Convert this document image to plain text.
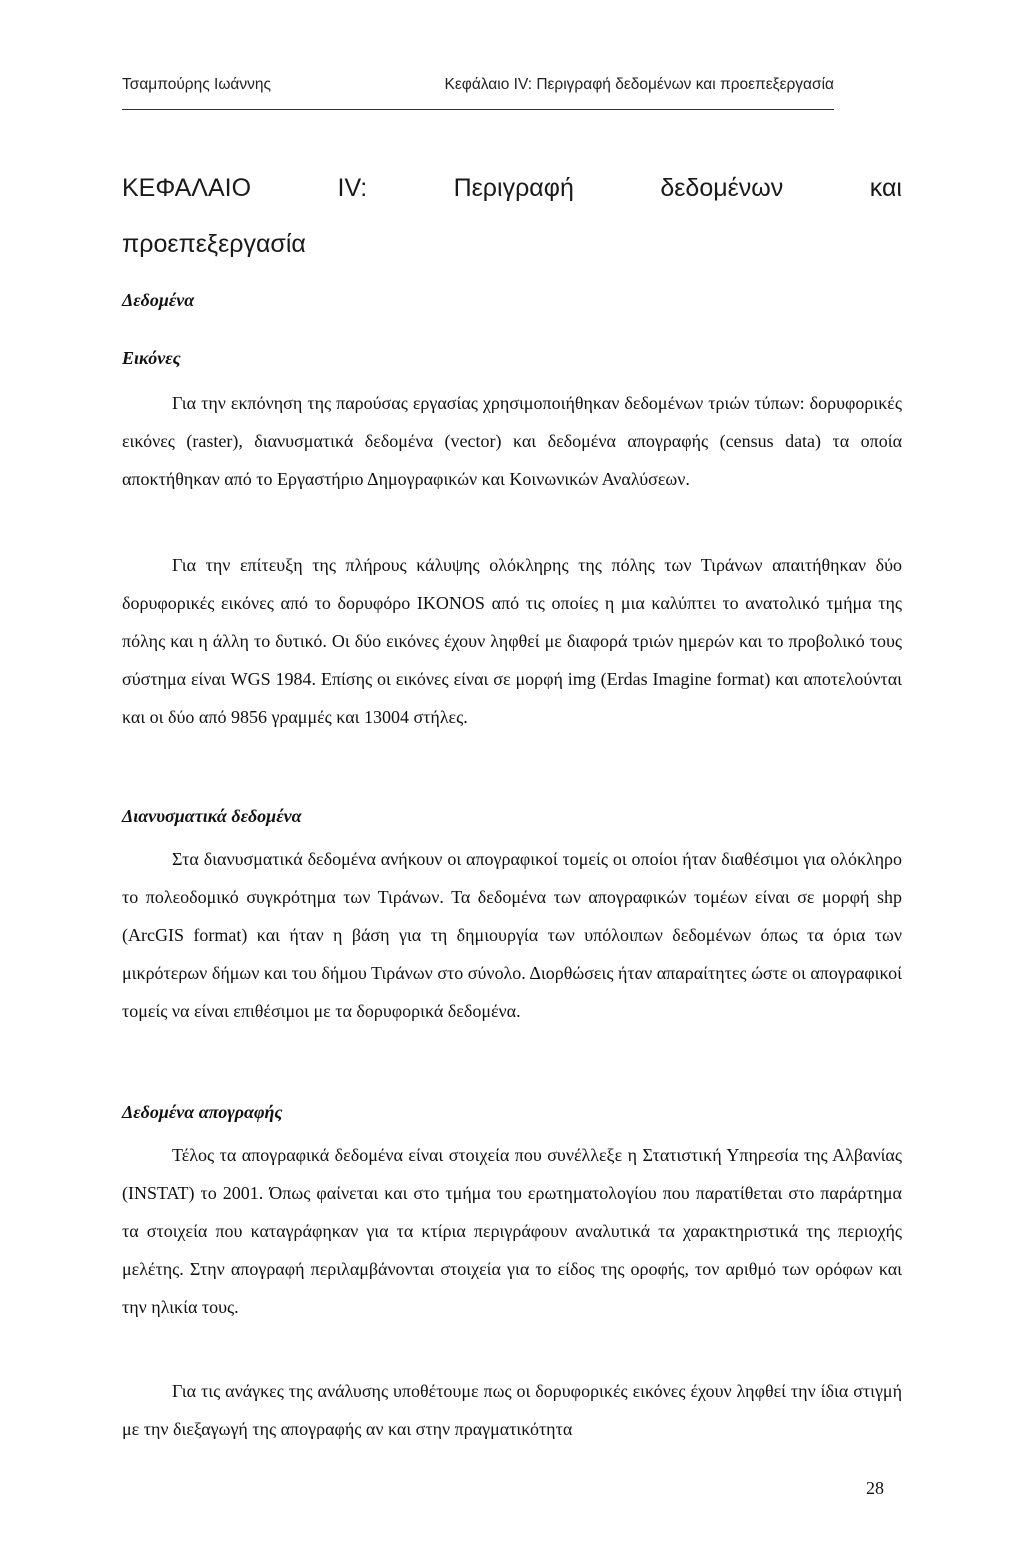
Τσαμπούρης Ιωάννης	Κεφάλαιο IV: Περιγραφή δεδομένων και προεπεξεργασία
ΚΕΦΑΛΑΙΟ	IV:	Περιγραφή	δεδομένων	και
προεπεξεργασία
Δεδομένα
Εικόνες

Για την εκπόνηση της παρούσας εργασίας χρησιμοποιήθηκαν δεδομένων τριών τύπων: δορυφορικές εικόνες (raster), διανυσματικά δεδομένα (vector) και δεδομένα απογραφής (census data) τα οποία αποκτήθηκαν από το Εργαστήριο Δημογραφικών και Κοινωνικών Αναλύσεων.

Για την επίτευξη της πλήρους κάλυψης ολόκληρης της πόλης των Τιράνων απαιτήθηκαν δύο δορυφορικές εικόνες από το δορυφόρο IKONOS από τις οποίες η μια καλύπτει το ανατολικό τμήμα της πόλης και η άλλη το δυτικό. Οι δύο εικόνες έχουν ληφθεί με διαφορά τριών ημερών και το προβολικό τους σύστημα είναι WGS 1984. Επίσης οι εικόνες είναι σε μορφή img (Erdas Imagine format) και αποτελούνται και οι δύο από 9856 γραμμές και 13004 στήλες.

Διανυσματικά δεδομένα

Στα διανυσματικά δεδομένα ανήκουν οι απογραφικοί τομείς οι οποίοι ήταν διαθέσιμοι για ολόκληρο το πολεοδομικό συγκρότημα των Τιράνων. Τα δεδομένα των απογραφικών τομέων είναι σε μορφή shp (ArcGIS format) και ήταν η βάση για τη δημιουργία των υπόλοιπων δεδομένων όπως τα όρια των μικρότερων δήμων και του δήμου Τιράνων στο σύνολο. Διορθώσεις ήταν απαραίτητες ώστε οι απογραφικοί τομείς να είναι επιθέσιμοι με τα δορυφορικά δεδομένα.

Δεδομένα απογραφής

Τέλος τα απογραφικά δεδομένα είναι στοιχεία που συνέλλεξε η Στατιστική Υπηρεσία της Αλβανίας (INSTAT) το 2001. Όπως φαίνεται και στο τμήμα του ερωτηματολογίου που παρατίθεται στο παράρτημα τα στοιχεία που καταγράφηκαν για τα κτίρια περιγράφουν αναλυτικά τα χαρακτηριστικά της περιοχής μελέτης. Στην απογραφή περιλαμβάνονται στοιχεία για το είδος της οροφής, τον αριθμό των ορόφων και την ηλικία τους.

Για τις ανάγκες της ανάλυσης υποθέτουμε πως οι δορυφορικές εικόνες έχουν ληφθεί την ίδια στιγμή με την διεξαγωγή της απογραφής αν και στην πραγματικότητα

28
